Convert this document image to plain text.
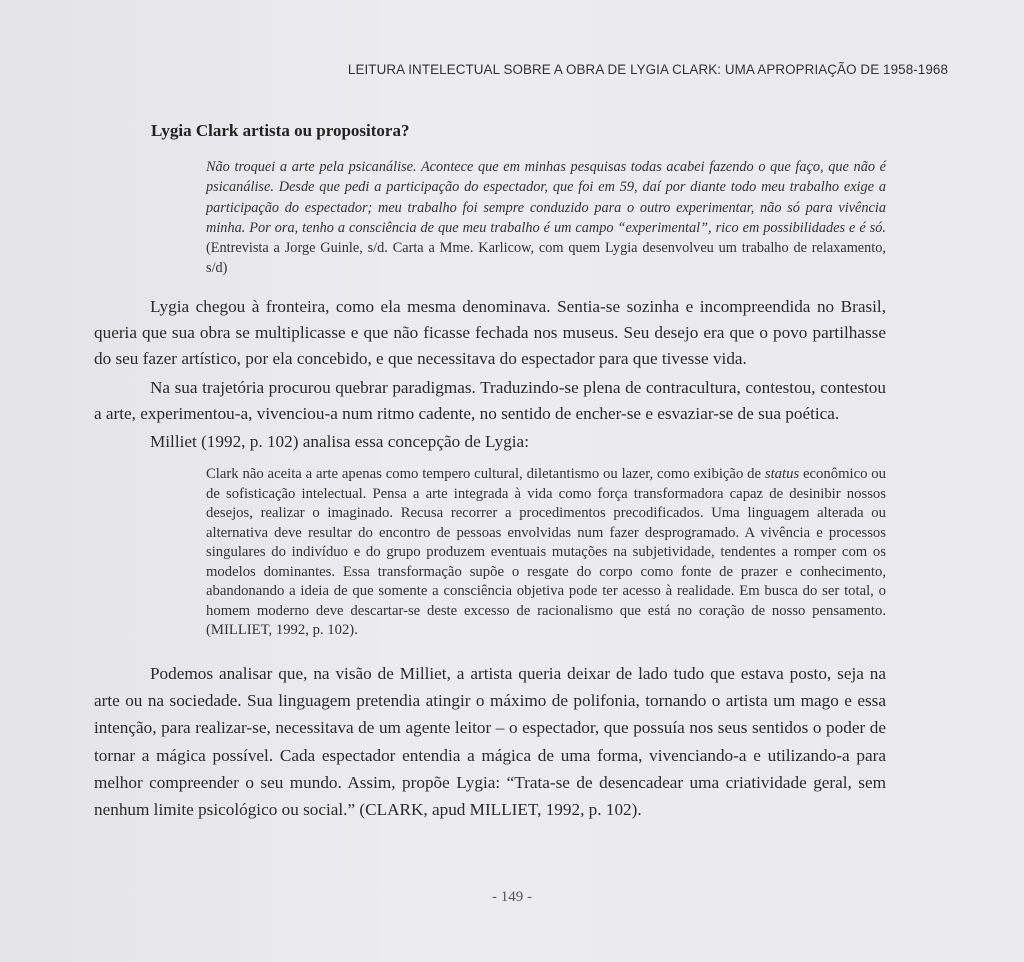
LEITURA INTELECTUAL SOBRE A OBRA DE LYGIA CLARK: UMA APROPRIAÇÃO DE 1958-1968
Lygia Clark artista ou propositora?
Não troquei a arte pela psicanálise. Acontece que em minhas pesquisas todas acabei fazendo o que faço, que não é psicanálise. Desde que pedi a participação do espectador, que foi em 59, daí por diante todo meu trabalho exige a participação do espectador; meu trabalho foi sempre conduzido para o outro experimentar, não só para vivência minha. Por ora, tenho a consciência de que meu trabalho é um campo “experimental”, rico em possibilidades e é só. (Entrevista a Jorge Guinle, s/d. Carta a Mme. Karlicow, com quem Lygia desenvolveu um trabalho de relaxamento, s/d)

Lygia chegou à fronteira, como ela mesma denominava. Sentia-se sozinha e incompreendida no Brasil, queria que sua obra se multiplicasse e que não ficasse fechada nos museus. Seu desejo era que o povo partilhasse do seu fazer artístico, por ela concebido, e que necessitava do espectador para que tivesse vida.

Na sua trajetória procurou quebrar paradigmas. Traduzindo-se plena de contracultura, contestou, contestou a arte, experimentou-a, vivenciou-a num ritmo cadente, no sentido de encher-se e esvaziar-se de sua poética.

Milliet (1992, p. 102) analisa essa concepção de Lygia:

Clark não aceita a arte apenas como tempero cultural, diletantismo ou lazer, como exibição de status econômico ou de sofisticação intelectual. Pensa a arte integrada à vida como força transformadora capaz de desinibir nossos desejos, realizar o imaginado. Recusa recorrer a procedimentos precodificados. Uma linguagem alterada ou alternativa deve resultar do encontro de pessoas envolvidas num fazer desprogramado. A vivência e processos singulares do indivíduo e do grupo produzem eventuais mutações na subjetividade, tendentes a romper com os modelos dominantes. Essa transformação supõe o resgate do corpo como fonte de prazer e conhecimento, abandonando a ideia de que somente a consciência objetiva pode ter acesso à realidade. Em busca do ser total, o homem moderno deve descartar-se deste excesso de racionalismo que está no coração de nosso pensamento. (MILLIET, 1992, p. 102).

Podemos analisar que, na visão de Milliet, a artista queria deixar de lado tudo que estava posto, seja na arte ou na sociedade. Sua linguagem pretendia atingir o máximo de polifonia, tornando o artista um mago e essa intenção, para realizar-se, necessitava de um agente leitor – o espectador, que possuía nos seus sentidos o poder de tornar a mágica possível. Cada espectador entendia a mágica de uma forma, vivenciando-a e utilizando-a para melhor compreender o seu mundo. Assim, propõe Lygia: “Trata-se de desencadear uma criatividade geral, sem nenhum limite psicológico ou social.” (CLARK, apud MILLIET, 1992, p. 102).

- 149 -
